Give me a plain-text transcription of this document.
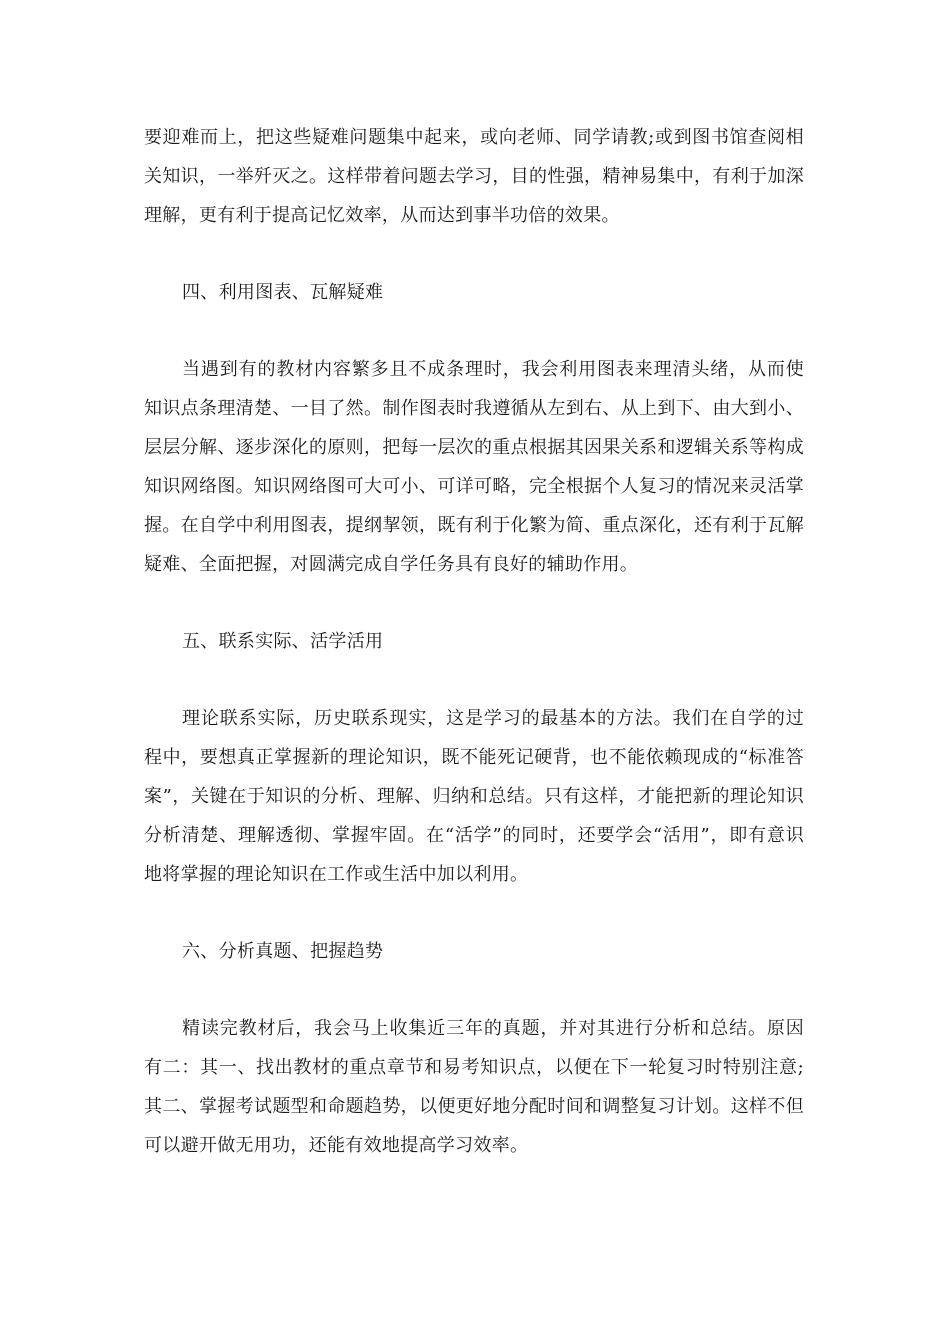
要迎难而上，把这些疑难问题集中起来，或向老师、同学请教;或到图书馆查阅相关知识，一举歼灭之。这样带着问题去学习，目的性强，精神易集中，有利于加深理解，更有利于提高记忆效率，从而达到事半功倍的效果。

四、利用图表、瓦解疑难

当遇到有的教材内容繁多且不成条理时，我会利用图表来理清头绪，从而使知识点条理清楚、一目了然。制作图表时我遵循从左到右、从上到下、由大到小、层层分解、逐步深化的原则，把每一层次的重点根据其因果关系和逻辑关系等构成知识网络图。知识网络图可大可小、可详可略，完全根据个人复习的情况来灵活掌握。在自学中利用图表，提纲挈领，既有利于化繁为简、重点深化，还有利于瓦解疑难、全面把握，对圆满完成自学任务具有良好的辅助作用。

五、联系实际、活学活用

理论联系实际，历史联系现实，这是学习的最基本的方法。我们在自学的过程中，要想真正掌握新的理论知识，既不能死记硬背，也不能依赖现成的“标准答案”，关键在于知识的分析、理解、归纳和总结。只有这样，才能把新的理论知识分析清楚、理解透彻、掌握牢固。在“活学”的同时，还要学会“活用”，即有意识地将掌握的理论知识在工作或生活中加以利用。

六、分析真题、把握趋势

精读完教材后，我会马上收集近三年的真题，并对其进行分析和总结。原因有二：其一、找出教材的重点章节和易考知识点，以便在下一轮复习时特别注意;其二、掌握考试题型和命题趋势，以便更好地分配时间和调整复习计划。这样不但可以避开做无用功，还能有效地提高学习效率。
